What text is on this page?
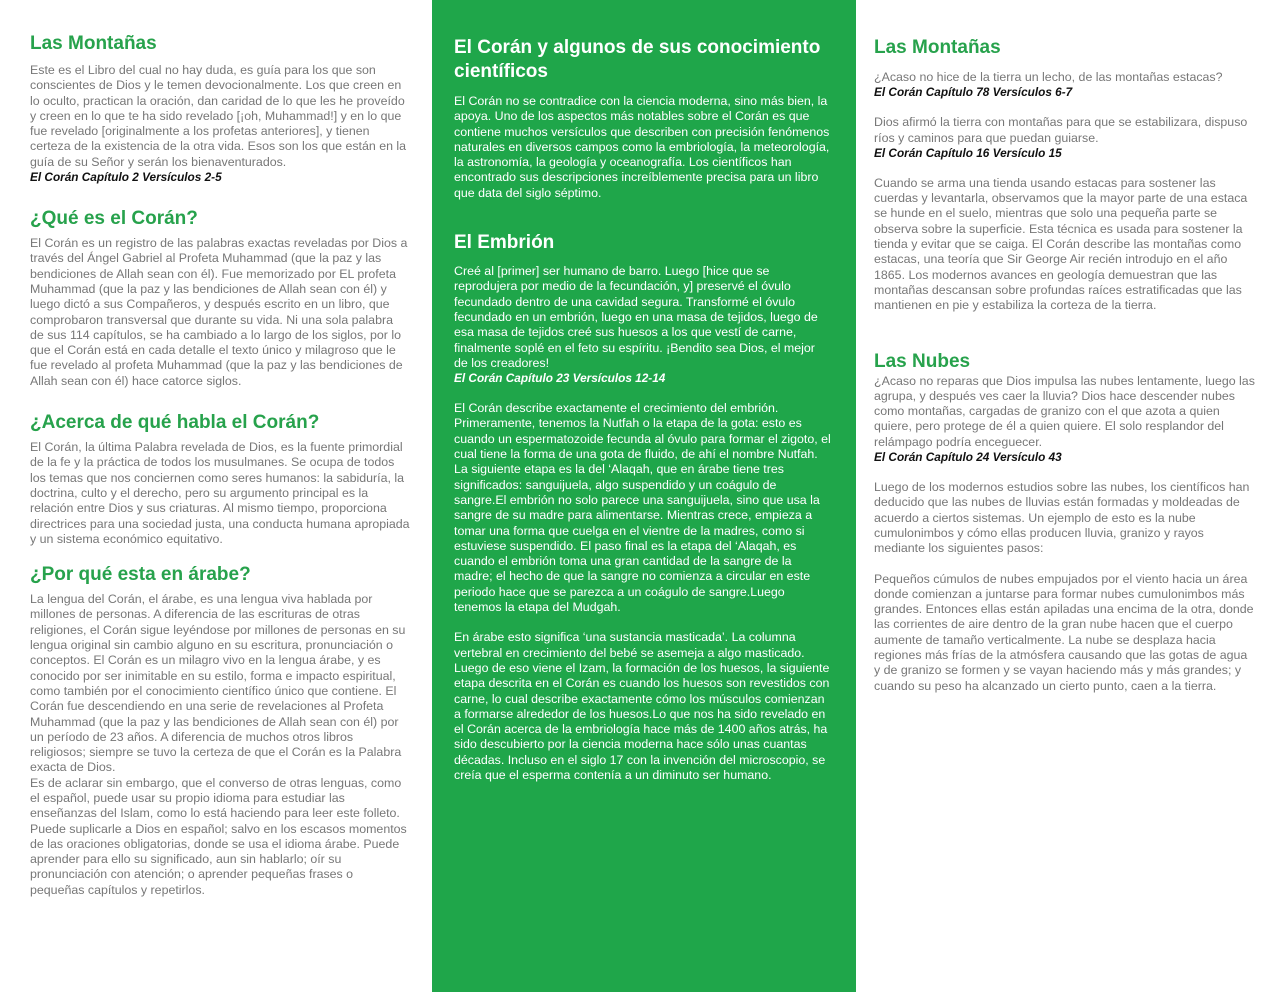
Las Montañas

Este es el Libro del cual no hay duda, es guía para los que son conscientes de Dios y le temen devocionalmente. Los que creen en lo oculto, practican la oración, dan caridad de lo que les he proveído y creen en lo que te ha sido revelado [¡oh, Muhammad!] y en lo que fue revelado [originalmente a los profetas anteriores], y tienen certeza de la existencia de la otra vida. Esos son los que están en la guía de su Señor y serán los bienaventurados.

El Corán Capítulo 2 Versículos 2-5
¿Qué es el Corán?

El Corán es un registro de las palabras exactas reveladas por Dios a través del Ángel Gabriel al Profeta Muhammad (que la paz y las bendiciones de Allah sean con él). Fue memorizado por EL profeta Muhammad (que la paz y las bendiciones de Allah sean con él) y luego dictó a sus Compañeros, y después escrito en un libro, que comprobaron transversal que durante su vida. Ni una sola palabra de sus 114 capítulos, se ha cambiado a lo largo de los siglos, por lo que el Corán está en cada detalle el texto único y milagroso que le fue revelado al profeta Muhammad (que la paz y las bendiciones de Allah sean con él) hace catorce siglos.

¿Acerca de qué habla el Corán?

El Corán, la última Palabra revelada de Dios, es la fuente primordial de la fe y la práctica de todos los musulmanes. Se ocupa de todos los temas que nos conciernen como seres humanos: la sabiduría, la doctrina, culto y el derecho, pero su argumento principal es la relación entre Dios y sus criaturas. Al mismo tiempo, proporciona directrices para una sociedad justa, una conducta humana apropiada y un sistema económico equitativo.

¿Por qué esta en árabe?

La lengua del Corán, el árabe, es una lengua viva hablada por millones de personas. A diferencia de las escrituras de otras religiones, el Corán sigue leyéndose por millones de personas en su lengua original sin cambio alguno en su escritura, pronunciación o conceptos. El Corán es un milagro vivo en la lengua árabe, y es conocido por ser inimitable en su estilo, forma e impacto espiritual, como también por el conocimiento científico único que contiene. El Corán fue descendiendo en una serie de revelaciones al Profeta Muhammad (que la paz y las bendiciones de Allah sean con él) por un período de 23 años. A diferencia de muchos otros libros religiosos; siempre se tuvo la certeza de que el Corán es la Palabra exacta de Dios.

Es de aclarar sin embargo, que el converso de otras lenguas, como el español, puede usar su propio idioma para estudiar las enseñanzas del Islam, como lo está haciendo para leer este folleto.

Puede suplicarle a Dios en español; salvo en los escasos momentos de las oraciones obligatorias, donde se usa el idioma árabe. Puede aprender para ello su significado, aun sin hablarlo; oír su pronunciación con atención; o aprender pequeñas frases o pequeñas capítulos y repetirlos.

El Corán y algunos de sus conocimiento científicos

El Corán no se contradice con la ciencia moderna, sino más bien, la apoya. Uno de los aspectos más notables sobre el Corán es que contiene muchos versículos que describen con precisión fenómenos naturales en diversos campos como la embriología, la meteorología, la astronomía, la geología y oceanografía. Los científicos han encontrado sus descripciones increíblemente precisa para un libro que data del siglo séptimo.

El Embrión

Creé al [primer] ser humano de barro. Luego [hice que se reprodujera por medio de la fecundación, y] preservé el óvulo fecundado dentro de una cavidad segura. Transformé el óvulo fecundado en un embrión, luego en una masa de tejidos, luego de esa masa de tejidos creé sus huesos a los que vestí de carne, finalmente soplé en el feto su espíritu. ¡Bendito sea Dios, el mejor de los creadores!

El Corán Capítulo 23 Versículos 12-14

El Corán describe exactamente el crecimiento del embrión. Primeramente, tenemos la Nutfah o la etapa de la gota: esto es cuando un espermatozoide fecunda al óvulo para formar el zigoto, el cual tiene la forma de una gota de fluido, de ahí el nombre Nutfah. La siguiente etapa es la del ‘Alaqah, que en árabe tiene tres significados: sanguijuela, algo suspendido y un coágulo de sangre.El embrión no solo parece una sanguijuela, sino que usa la sangre de su madre para alimentarse. Mientras crece, empieza a tomar una forma que cuelga en el vientre de la madres, como si estuviese suspendido. El paso final es la etapa del ‘Alaqah, es cuando el embrión toma una gran cantidad de la sangre de la madre; el hecho de que la sangre no comienza a circular en este periodo hace que se parezca a un coágulo de sangre.Luego tenemos la etapa del Mudgah.

En árabe esto significa ‘una sustancia masticada’. La columna vertebral en crecimiento del bebé se asemeja a algo masticado. Luego de eso viene el Izam, la formación de los huesos, la siguiente etapa descrita en el Corán es cuando los huesos son revestidos con carne, lo cual describe exactamente cómo los músculos comienzan a formarse alrededor de los huesos.Lo que nos ha sido revelado en el Corán acerca de la embriología hace más de 1400 años atrás, ha sido descubierto por la ciencia moderna hace sólo unas cuantas décadas. Incluso en el siglo 17 con la invención del microscopio, se creía que el esperma contenía a un diminuto ser humano.

Las Montañas

¿Acaso no hice de la tierra un lecho, de las montañas estacas?

El Corán Capítulo 78 Versículos 6-7

Dios afirmó la tierra con montañas para que se estabilizara, dispuso ríos y caminos para que puedan guiarse.

El Corán Capítulo 16 Versículo 15

Cuando se arma una tienda usando estacas para sostener las cuerdas y levantarla, observamos que la mayor parte de una estaca se hunde en el suelo, mientras que solo una pequeña parte se observa sobre la superficie. Esta técnica es usada para sostener la tienda y evitar que se caiga. El Corán describe las montañas como estacas, una teoría que Sir George Air recién introdujo en el año 1865. Los modernos avances en geología demuestran que las montañas descansan sobre profundas raíces estratificadas que las mantienen en pie y estabiliza la corteza de la tierra.

Las Nubes

¿Acaso no reparas que Dios impulsa las nubes lentamente, luego las agrupa, y después ves caer la lluvia? Dios hace descender nubes como montañas, cargadas de granizo con el que azota a quien quiere, pero protege de él a quien quiere. El solo resplandor del relámpago podría enceguecer.

El Corán Capítulo 24 Versículo 43

Luego de los modernos estudios sobre las nubes, los científicos han deducido que las nubes de lluvias están formadas y moldeadas de acuerdo a ciertos sistemas. Un ejemplo de esto es la nube cumulonimbos y cómo ellas producen lluvia, granizo y rayos mediante los siguientes pasos:

Pequeños cúmulos de nubes empujados por el viento hacia un área donde comienzan a juntarse para formar nubes cumulonimbos más grandes. Entonces ellas están apiladas una encima de la otra, donde las corrientes de aire dentro de la gran nube hacen que el cuerpo aumente de tamaño verticalmente. La nube se desplaza hacia regiones más frías de la atmósfera causando que las gotas de agua y de granizo se formen y se vayan haciendo más y más grandes; y cuando su peso ha alcanzado un cierto punto, caen a la tierra.
